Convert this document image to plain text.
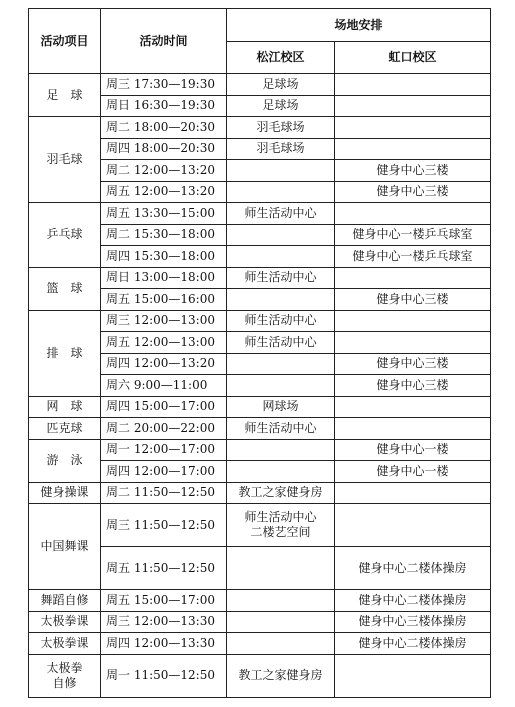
活动项目	活动时间	场地安排	
		松江校区	虹口校区

足　球	周三 17:30—19:30	足球场	

	周日 16:30—19:30	足球场	

羽毛球	周二 18:00—20:30	羽毛球场	

	周四 18:00—20:30	羽毛球场	

	周二 12:00—13:20		健身中心三楼
	周五 12:00—13:20		健身中心三楼

乒乓球	周五 13:30—15:00	师生活动中心	

	周二 15:30—18:00		健身中心一楼乒乓球室
	周四 15:30—18:00		健身中心一楼乒乓球室

篮　球	周日 13:00—18:00	师生活动中心	

	周五 15:00—16:00		健身中心三楼

排　球	周三 12:00—13:00	师生活动中心	

	周五 12:00—13:00	师生活动中心	

	周四 12:00—13:20		健身中心三楼
	周六 9:00—11:00		健身中心三楼

网　球	周四 15:00—17:00	网球场	

匹克球	周二 20:00—22:00	师生活动中心	

游　泳	周一 12:00—17:00		健身中心一楼
	周四 12:00—17:00		健身中心一楼

健身操课	周二 11:50—12:50	教工之家健身房	

中国舞课	周三 11:50—12:50	师生活动中心
二楼艺空间	

	周五 11:50—12:50		健身中心二楼体操房

舞蹈自修	周五 15:00—17:00		健身中心二楼体操房

太极拳课	周三 12:00—13:30		健身中心三楼体操房

太极拳课	周四 12:00—13:30		健身中心二楼体操房

太极拳
自修	周一 11:50—12:50	教工之家健身房	
